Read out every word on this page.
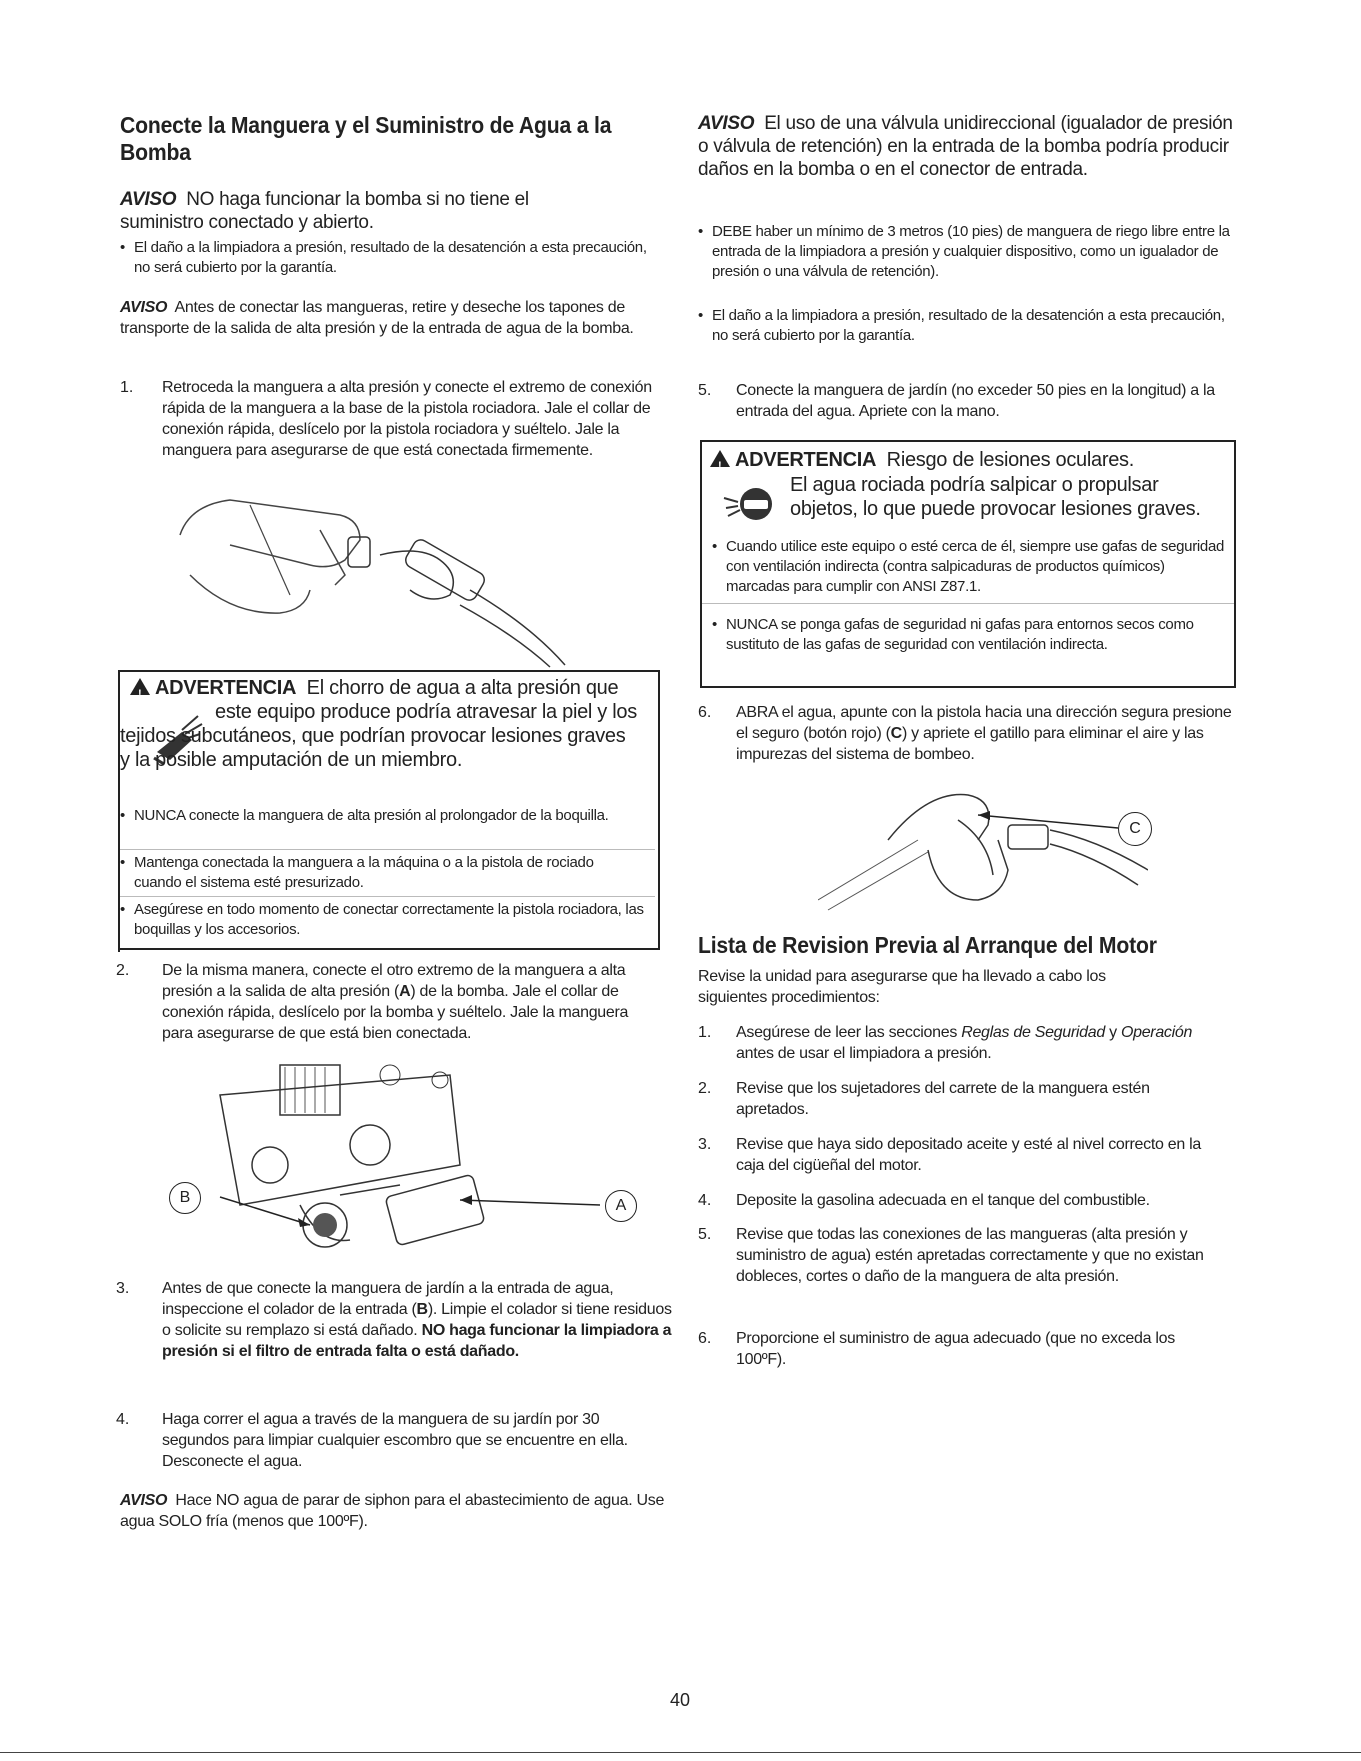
Conecte la Manguera y el Suministro de Agua a la Bomba
AVISO NO haga funcionar la bomba si no tiene el suministro conectado y abierto.
• El daño a la limpiadora a presión, resultado de la desatención a esta precaución, no será cubierto por la garantía.
AVISO Antes de conectar las mangueras, retire y deseche los tapones de transporte de la salida de alta presión y de la entrada de agua de la bomba.
1. Retroceda la manguera a alta presión y conecte el extremo de conexión rápida de la manguera a la base de la pistola rociadora. Jale el collar de conexión rápida, deslícelo por la pistola rociadora y suéltelo. Jale la manguera para asegurarse de que está conectada firmemente.
!ADVERTENCIA El chorro de agua a alta presión que
este equipo produce podría atravesar la piel y los tejidos subcutáneos, que podrían provocar lesiones graves y la posible amputación de un miembro.
• NUNCA conecte la manguera de alta presión al prolongador de la boquilla.
• Mantenga conectada la manguera a la máquina o a la pistola de rociado cuando el sistema esté presurizado.
• Asegúrese en todo momento de conectar correctamente la pistola rociadora, las boquillas y los accesorios.
2. De la misma manera, conecte el otro extremo de la manguera a alta presión a la salida de alta presión (A) de la bomba. Jale el collar de conexión rápida, deslícelo por la bomba y suéltelo. Jale la manguera para asegurarse de que está bien conectada.
B	A
3. Antes de que conecte la manguera de jardín a la entrada de agua, inspeccione el colador de la entrada (B). Limpie el colador si tiene residuos o solicite su remplazo si está dañado. NO haga funcionar la limpiadora a presión si el filtro de entrada falta o está dañado.
4. Haga correr el agua a través de la manguera de su jardín por 30 segundos para limpiar cualquier escombro que se encuentre en ella. Desconecte el agua.
AVISO Hace NO agua de parar de siphon para el abastecimiento de agua. Use agua SOLO fría (menos que 100ºF).
AVISO El uso de una válvula unidireccional (igualador de presión o válvula de retención) en la entrada de la bomba podría producir daños en la bomba o en el conector de entrada.
• DEBE haber un mínimo de 3 metros (10 pies) de manguera de riego libre entre la entrada de la limpiadora a presión y cualquier dispositivo, como un igualador de presión o una válvula de retención).
• El daño a la limpiadora a presión, resultado de la desatención a esta precaución, no será cubierto por la garantía.
5. Conecte la manguera de jardín (no exceder 50 pies en la longitud) a la entrada del agua. Apriete con la mano.
!ADVERTENCIA Riesgo de lesiones oculares.
El agua rociada podría salpicar o propulsar objetos, lo que puede provocar lesiones graves.
• Cuando utilice este equipo o esté cerca de él, siempre use gafas de seguridad con ventilación indirecta (contra salpicaduras de productos químicos) marcadas para cumplir con ANSI Z87.1.
• NUNCA se ponga gafas de seguridad ni gafas para entornos secos como sustituto de las gafas de seguridad con ventilación indirecta.
6. ABRA el agua, apunte con la pistola hacia una dirección segura presione el seguro (botón rojo) (C) y apriete el gatillo para eliminar el aire y las impurezas del sistema de bombeo.
C
Lista de Revision Previa al Arranque del Motor
Revise la unidad para asegurarse que ha llevado a cabo los siguientes procedimientos:
1. Asegúrese de leer las secciones Reglas de Seguridad y Operación antes de usar el limpiadora a presión.
2. Revise que los sujetadores del carrete de la manguera estén apretados.
3. Revise que haya sido depositado aceite y esté al nivel correcto en la caja del cigüeñal del motor.
4. Deposite la gasolina adecuada en el tanque del combustible.
5. Revise que todas las conexiones de las mangueras (alta presión y suministro de agua) estén apretadas correctamente y que no existan dobleces, cortes o daño de la manguera de alta presión.
6. Proporcione el suministro de agua adecuado (que no exceda los 100ºF).
40
